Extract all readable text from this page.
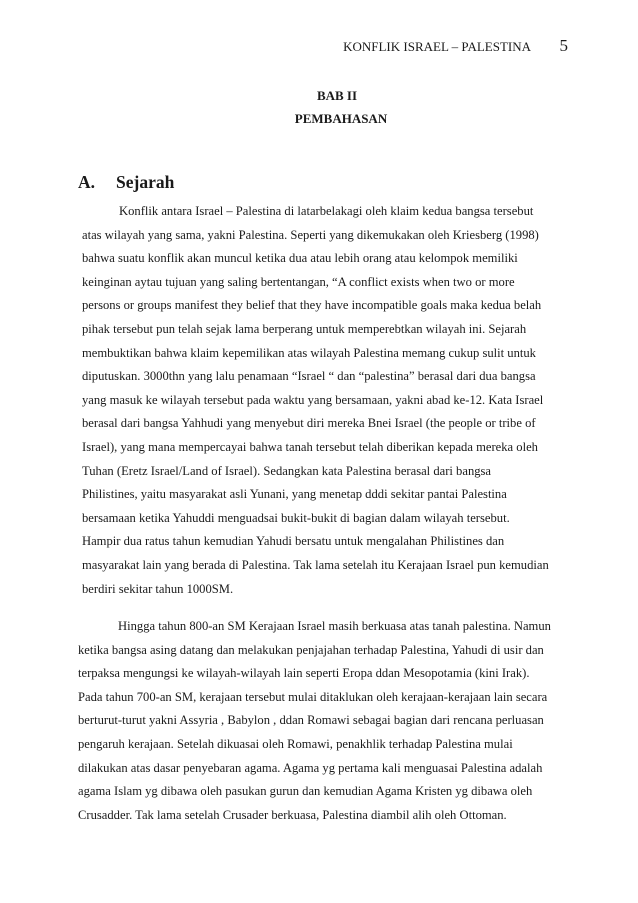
KONFLIK ISRAEL – PALESTINA 5
BAB II
PEMBAHASAN
A. Sejarah
Konflik antara Israel – Palestina di latarbelakagi oleh klaim kedua bangsa tersebut
atas wilayah yang sama, yakni Palestina. Seperti yang dikemukakan oleh Kriesberg (1998)
bahwa suatu konflik akan muncul ketika dua atau lebih orang atau kelompok memiliki
keinginan aytau tujuan yang saling bertentangan, “A conflict exists when two or more
persons or groups manifest they belief that they have incompatible goals maka kedua belah
pihak tersebut pun telah sejak lama berperang untuk memperebtkan wilayah ini. Sejarah
membuktikan bahwa klaim kepemilikan atas wilayah Palestina memang cukup sulit untuk
diputuskan. 3000thn yang lalu penamaan “Israel “ dan “palestina” berasal dari dua bangsa
yang masuk ke wilayah tersebut pada waktu yang bersamaan, yakni abad ke-12. Kata Israel
berasal dari bangsa Yahhudi yang menyebut diri mereka Bnei Israel (the people or tribe of
Israel), yang mana mempercayai bahwa tanah tersebut telah diberikan kepada mereka oleh
Tuhan (Eretz Israel/Land of Israel). Sedangkan kata Palestina berasal dari bangsa
Philistines, yaitu masyarakat asli Yunani, yang menetap dddi sekitar pantai Palestina
bersamaan ketika Yahuddi menguadsai bukit-bukit di bagian dalam wilayah tersebut.
Hampir dua ratus tahun kemudian Yahudi bersatu untuk mengalahan Philistines dan
masyarakat lain yang berada di Palestina. Tak lama setelah itu Kerajaan Israel pun kemudian
berdiri sekitar tahun 1000SM.
Hingga tahun 800-an SM Kerajaan Israel masih berkuasa atas tanah palestina. Namun
ketika bangsa asing datang dan melakukan penjajahan terhadap Palestina, Yahudi di usir dan
terpaksa mengungsi ke wilayah-wilayah lain seperti Eropa ddan Mesopotamia (kini Irak).
Pada tahun 700-an SM, kerajaan tersebut mulai ditaklukan oleh kerajaan-kerajaan lain secara
berturut-turut yakni Assyria , Babylon , ddan Romawi sebagai bagian dari rencana perluasan
pengaruh kerajaan. Setelah dikuasai oleh Romawi, penakhlik terhadap Palestina mulai
dilakukan atas dasar penyebaran agama. Agama yg pertama kali menguasai Palestina adalah
agama Islam yg dibawa oleh pasukan gurun dan kemudian Agama Kristen yg dibawa oleh
Crusadder. Tak lama setelah Crusader berkuasa, Palestina diambil alih oleh Ottoman.
